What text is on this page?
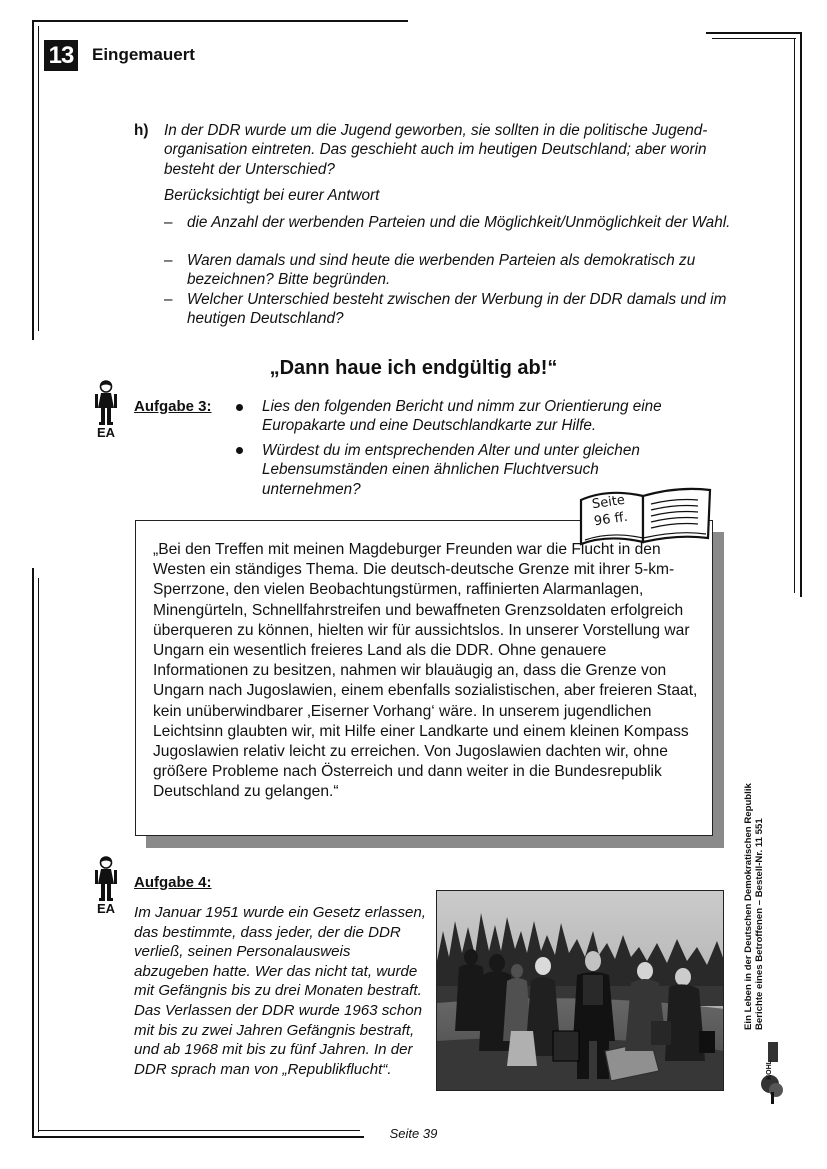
13 Eingemauert
h) In der DDR wurde um die Jugend geworben, sie sollten in die politische Jugend-organisation eintreten. Das geschieht auch im heutigen Deutschland; aber worin besteht der Unterschied?
Berücksichtigt bei eurer Antwort
– die Anzahl der werbenden Parteien und die Möglichkeit/Unmöglichkeit der Wahl.
– Waren damals und sind heute die werbenden Parteien als demokratisch zu bezeichnen? Bitte begründen.
– Welcher Unterschied besteht zwischen der Werbung in der DDR damals und im heutigen Deutschland?
„Dann haue ich endgültig ab!“
EA
Aufgabe 3:	Lies den folgenden Bericht und nimm zur Orientierung eine Europakarte und eine Deutschlandkarte zur Hilfe.
Würdest du im entsprechenden Alter und unter gleichen Lebensumständen einen ähnlichen Fluchtversuch unternehmen?
„Bei den Treffen mit meinen Magdeburger Freunden war die Flucht in den Westen ein ständiges Thema. Die deutsch-deutsche Grenze mit ihrer 5-km-Sperrzone, den vielen Beobachtungstürmen, raffinierten Alarmanlagen, Minengürteln, Schnellfahrstreifen und bewaffneten Grenzsoldaten erfolgreich überqueren zu können, hielten wir für aussichtslos. In unserer Vorstellung war Ungarn ein wesentlich freieres Land als die DDR. Ohne genauere Informationen zu besitzen, nahmen wir blauäugig an, dass die Grenze von Ungarn nach Jugoslawien, einem ebenfalls sozialistischen, aber freieren Staat, kein unüberwindbarer ‚Eiserner Vorhang‘ wäre. In unserem jugendlichen Leichtsinn glaubten wir, mit Hilfe einer Landkarte und einem kleinen Kompass Jugoslawien relativ leicht zu erreichen. Von Jugoslawien dachten wir, ohne größere Probleme nach Österreich und dann weiter in die Bundesrepublik Deutschland zu gelangen.“
Seite
96 ff.
EA
Aufgabe 4:
Im Januar 1951 wurde ein Gesetz erlassen, das bestimmte, dass jeder, der die DDR verließ, seinen Personalausweis abzugeben hatte. Wer das nicht tat, wurde mit Gefängnis bis zu drei Monaten bestraft. Das Verlassen der DDR wurde 1963 schon mit bis zu zwei Jahren Gefängnis bestraft, und ab 1968 mit bis zu fünf Jahren. In der DDR sprach man von „Republikflucht“.
Ein Leben in der Deutschen Demokratischen Republik Berichte eines Betroffenen – Bestell-Nr. 11 551
KOHL
Seite 39
